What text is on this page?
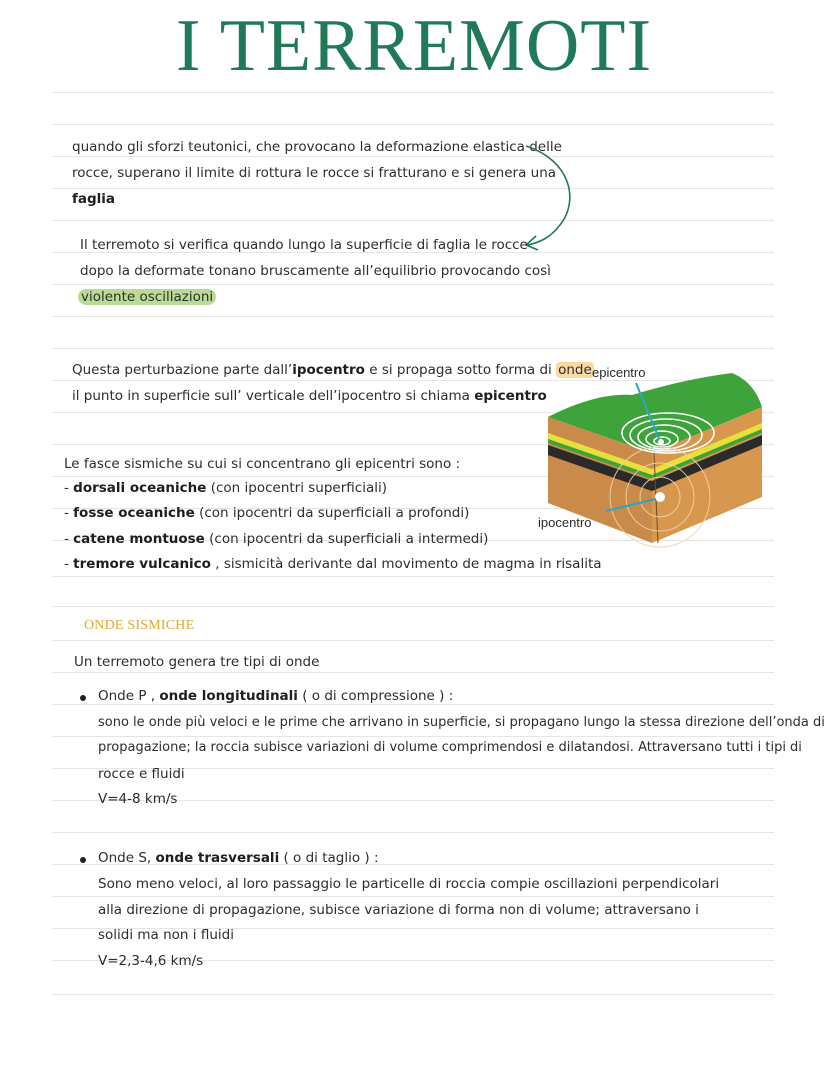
I TERREMOTI
quando gli sforzi teutonici, che provocano la deformazione elastica delle
rocce, superano il limite di rottura le rocce si fratturano e si genera una
faglia
Il terremoto si verifica quando lungo la superficie di faglia le rocce
dopo la deformate tonano bruscamente all’equilibrio provocando così
violente oscillazioni
Questa perturbazione parte dall’ipocentro e si propaga sotto forma di onde
il punto in superficie sull’ verticale dell’ipocentro si chiama epicentro
epicentro
ipocentro
Le fasce sismiche su cui si concentrano gli epicentri sono :
- dorsali oceaniche (con ipocentri superficiali)
- fosse oceaniche (con ipocentri da superficiali a profondi)
- catene montuose (con ipocentri da superficiali a intermedi)
- tremore vulcanico , sismicità derivante dal movimento de magma in risalita
ONDE SISMICHE
Un terremoto genera tre tipi di onde
Onde P , onde longitudinali ( o di compressione ) :
sono le onde più veloci e le prime che arrivano in superficie, si propagano lungo la stessa direzione dell’onda di
propagazione; la roccia subisce variazioni di volume comprimendosi e dilatandosi. Attraversano tutti i tipi di
rocce e fluidi
V=4-8 km/s
Onde S, onde trasversali ( o di taglio ) :
Sono meno veloci, al loro passaggio le particelle di roccia compie oscillazioni perpendicolari
alla direzione di propagazione, subisce variazione di forma non di volume; attraversano i
solidi ma non i fluidi
V=2,3-4,6 km/s
